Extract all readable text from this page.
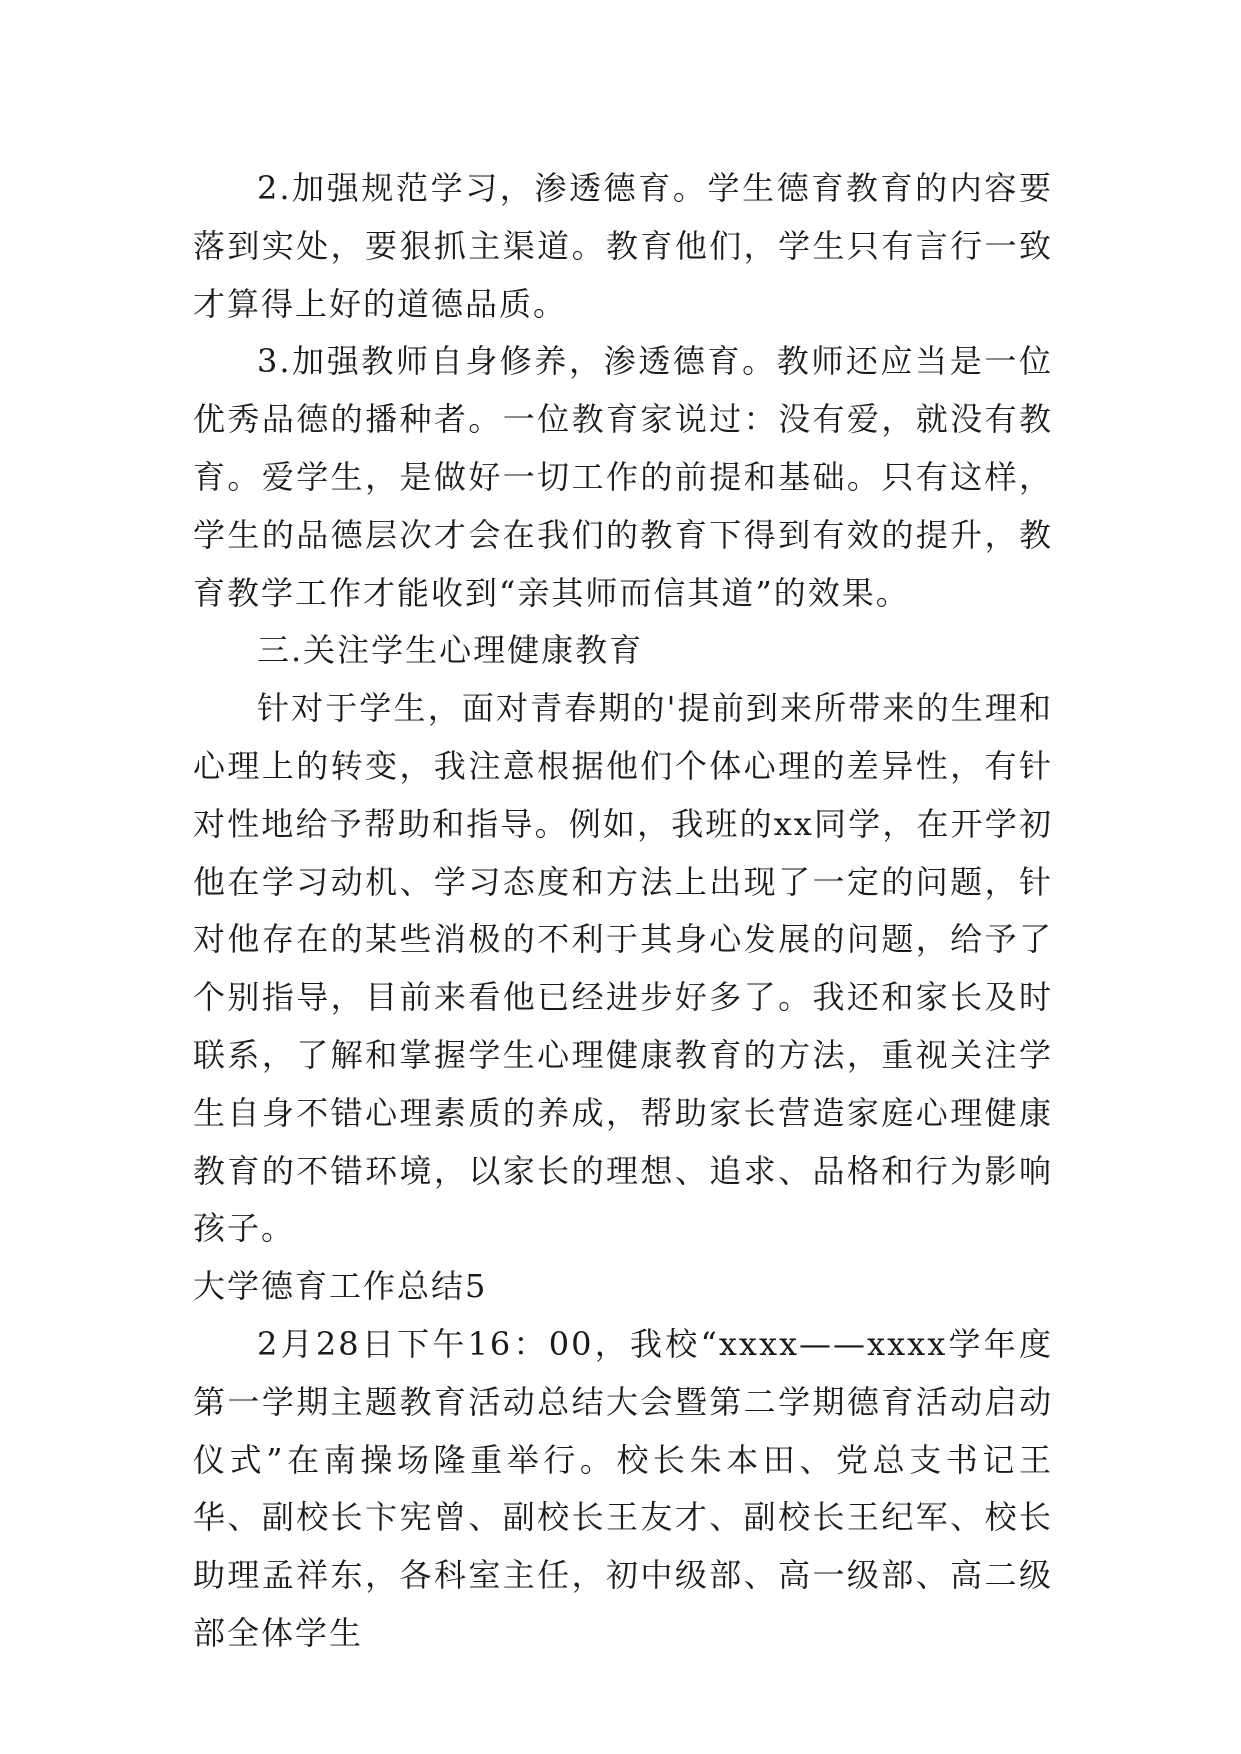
2.加强规范学习，渗透德育。学生德育教育的内容要落到实处，要狠抓主渠道。教育他们，学生只有言行一致才算得上好的道德品质。

3.加强教师自身修养，渗透德育。教师还应当是一位优秀品德的播种者。一位教育家说过：没有爱，就没有教育。爱学生，是做好一切工作的前提和基础。只有这样，学生的品德层次才会在我们的教育下得到有效的提升，教育教学工作才能收到“亲其师而信其道”的效果。

三.关注学生心理健康教育

针对于学生，面对青春期的'提前到来所带来的生理和心理上的转变，我注意根据他们个体心理的差异性，有针对性地给予帮助和指导。例如，我班的xx同学，在开学初他在学习动机、学习态度和方法上出现了一定的问题，针对他存在的某些消极的不利于其身心发展的问题，给予了个别指导，目前来看他已经进步好多了。我还和家长及时联系，了解和掌握学生心理健康教育的方法，重视关注学生自身不错心理素质的养成，帮助家长营造家庭心理健康教育的不错环境，以家长的理想、追求、品格和行为影响孩子。

大学德育工作总结5

2月28日下午16：00，我校“xxxx——xxxx学年度第一学期主题教育活动总结大会暨第二学期德育活动启动仪式”在南操场隆重举行。校长朱本田、党总支书记王华、副校长卞宪曾、副校长王友才、副校长王纪军、校长助理孟祥东，各科室主任，初中级部、高一级部、高二级部全体学生
